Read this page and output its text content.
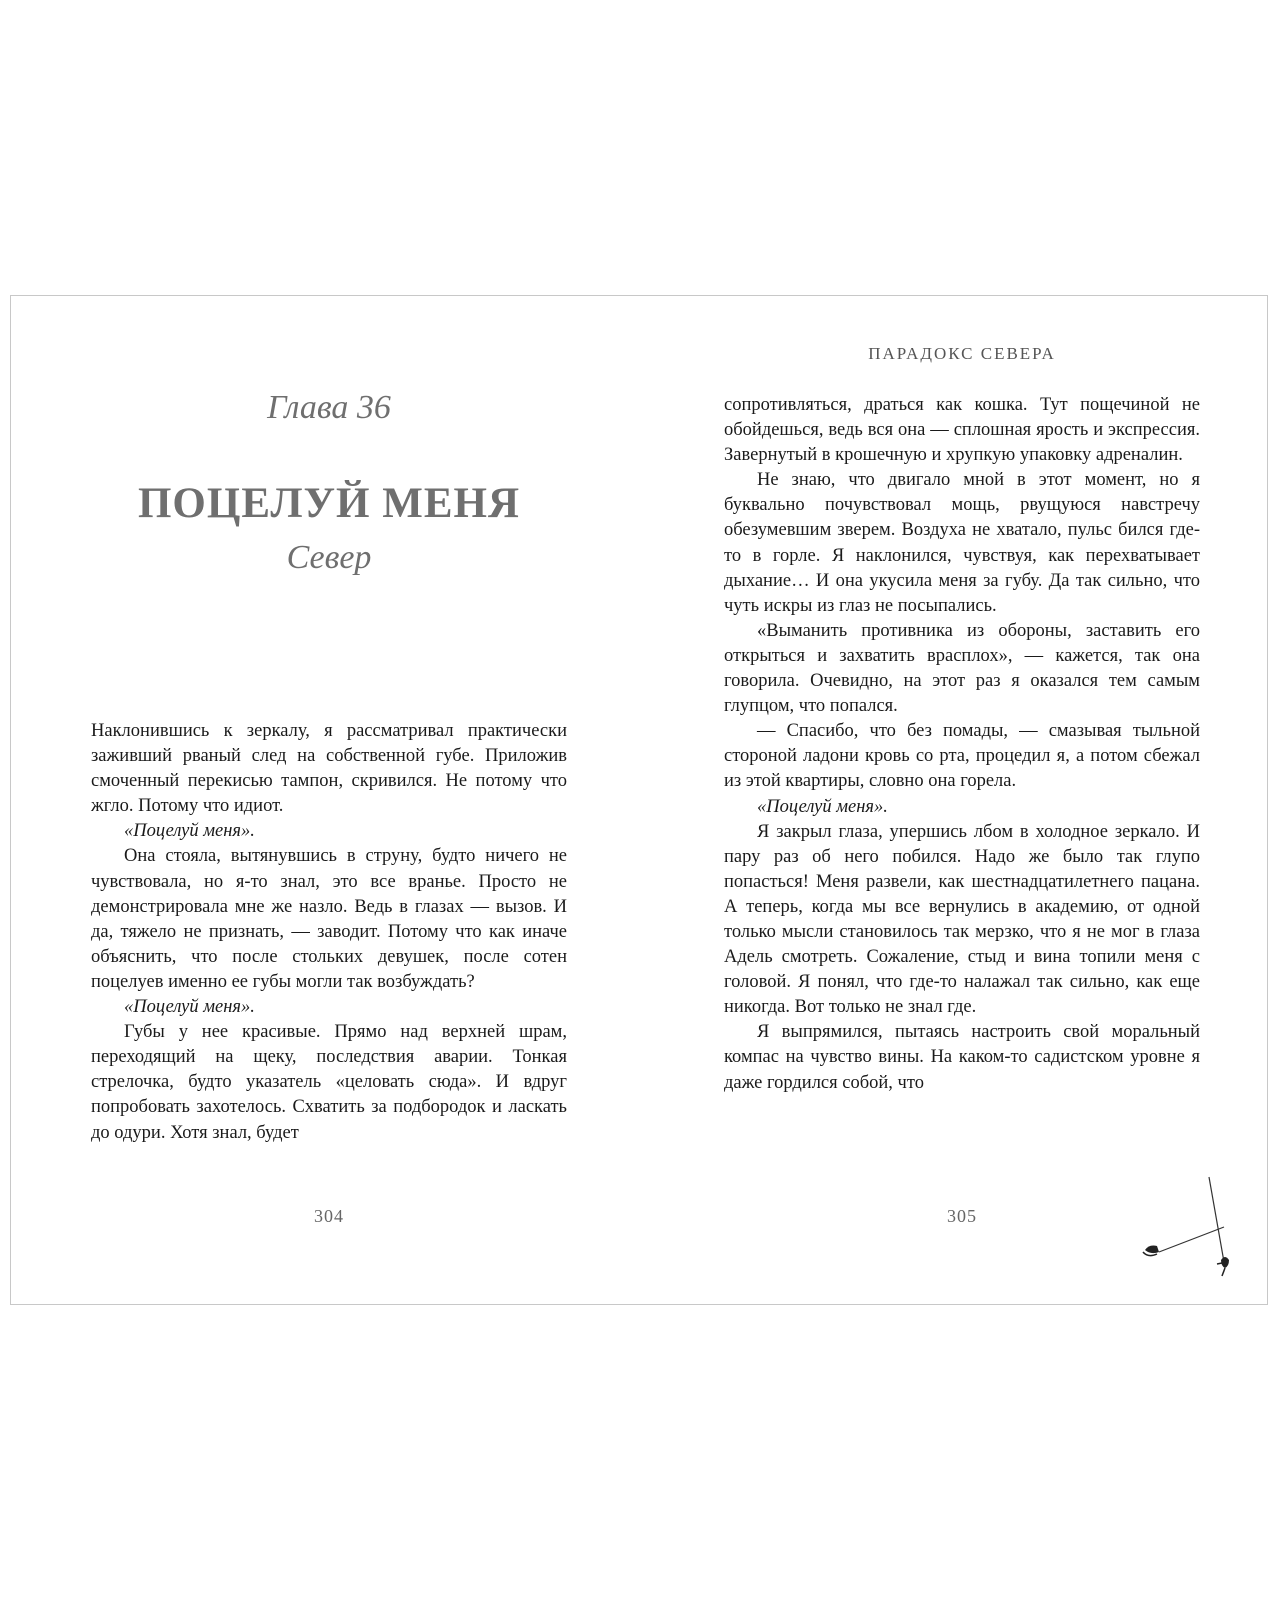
Глава 36
ПОЦЕЛУЙ МЕНЯ
Север

Наклонившись к зеркалу, я рассматривал практически заживший рваный след на собственной губе. Приложив смоченный перекисью тампон, скривился. Не потому что жгло. Потому что идиот.

«Поцелуй меня».

Она стояла, вытянувшись в струну, будто ничего не чувствовала, но я-то знал, это все вранье. Просто не демонстрировала мне же назло. Ведь в глазах — вызов. И да, тяжело не признать, — заводит. Потому что как иначе объяснить, что после стольких девушек, после сотен поцелуев именно ее губы могли так возбуждать?

«Поцелуй меня».

Губы у нее красивые. Прямо над верхней шрам, переходящий на щеку, последствия аварии. Тонкая стрелочка, будто указатель «целовать сюда». И вдруг попробовать захотелось. Схватить за подбородок и ласкать до одури. Хотя знал, будет

304
ПАРАДОКС СЕВЕРА

сопротивляться, драться как кошка. Тут пощечиной не обойдешься, ведь вся она — сплошная ярость и экспрессия. Завернутый в крошечную и хрупкую упаковку адреналин.

Не знаю, что двигало мной в этот момент, но я буквально почувствовал мощь, рвущуюся навстречу обезумевшим зверем. Воздуха не хватало, пульс бился где-то в горле. Я наклонился, чувствуя, как перехватывает дыхание… И она укусила меня за губу. Да так сильно, что чуть искры из глаз не посыпались.

«Выманить противника из обороны, заставить его открыться и захватить врасплох», — кажется, так она говорила. Очевидно, на этот раз я оказался тем самым глупцом, что попался.

— Спасибо, что без помады, — смазывая тыльной стороной ладони кровь со рта, процедил я, а потом сбежал из этой квартиры, словно она горела.

«Поцелуй меня».

Я закрыл глаза, упершись лбом в холодное зеркало. И пару раз об него побился. Надо же было так глупо попасться! Меня развели, как шестнадцатилетнего пацана. А теперь, когда мы все вернулись в академию, от одной только мысли становилось так мерзко, что я не мог в глаза Адель смотреть. Сожаление, стыд и вина топили меня с головой. Я понял, что где-то налажал так сильно, как еще никогда. Вот только не знал где.

Я выпрямился, пытаясь настроить свой моральный компас на чувство вины. На каком-то садистском уровне я даже гордился собой, что

305
